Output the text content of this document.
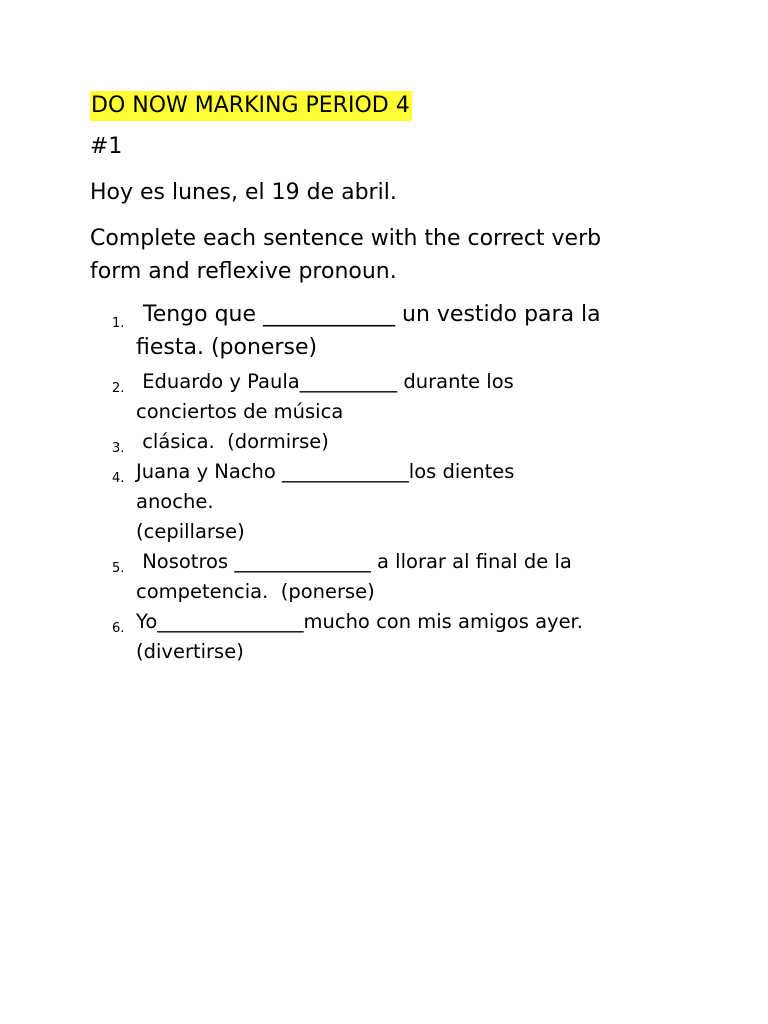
DO NOW MARKING PERIOD 4

#1

Hoy es lunes, el 19 de abril.

Complete each sentence with the correct verb
form and reflexive pronoun.
1. Tengo que ____________ un vestido para la
fiesta. (ponerse)
2. Eduardo y Paula__________ durante los
conciertos de música
3. clásica.  (dormirse)
4. Juana y Nacho _____________los dientes
anoche.
(cepillarse)
5. Nosotros ______________ a llorar al final de la
competencia.  (ponerse)
6. Yo_______________mucho con mis amigos ayer.
(divertirse)
